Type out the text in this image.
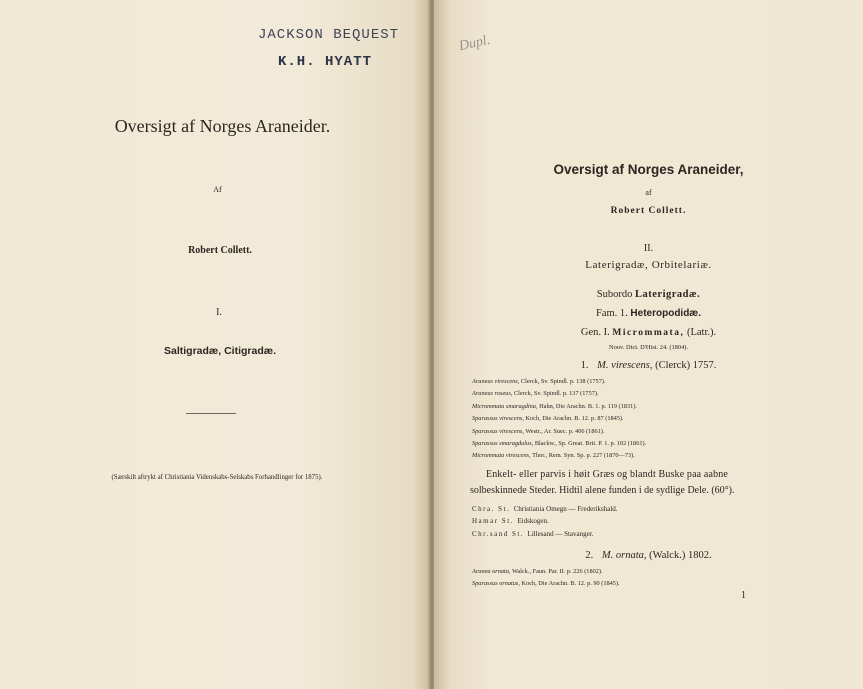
JACKSON BEQUEST
K.H. HYATT
Oversigt af Norges Araneider.
Af
Robert Collett.
I.
Saltigradæ, Citigradæ.
(Særskilt aftrykt af Christiania Videnskabs-Selskabs Forhandlinger for 1875).
Dupl.
Oversigt af Norges Araneider,
af
Robert Collett.
II.
Laterigradæ, Orbitelariæ.
Subordo Laterigradæ.
Fam. 1. Heteropodidæ.
Gen. I. Micrommata, (Latr.).
Nouv. Dict. D'Hist. 24. (1804).
1. M. virescens, (Clerck) 1757.
Araneus virescens, Clerck, Sv. Spindl. p. 138 (1757).
Araneus roseus, Clerck, Sv. Spindl. p. 137 (1757).
Micrommata smaragdina, Hahn, Die Arachn. B. 1. p. 119 (1831).
Sparassus virescens, Koch, Die Arachn. B. 12. p. 87 (1845).
Sparassus virescens, Westr., Ar. Suec. p. 406 (1861).
Sparassus smaragdulus, Blackw., Sp. Great. Brit. P. 1. p. 102 (1861).
Micrommata virescens, Thor., Rem. Syn. Sp. p. 227 (1870—73).
Enkelt- eller parvis i høit Græs og blandt Buske paa aabne
solbeskinnede Steder. Hidtil alene funden i de sydlige Dele. (60°).
Chra. St. Christiania Omegn — Frederikshald.
Hamar St. Eidskogen.
Chr.sand St. Lillesand — Stavanger.
2. M. ornata, (Walck.) 1802.
Aranea ornata, Walck., Faun. Par. II. p. 226 (1802).
Sparassus ornatus, Koch, Die Arachn. B. 12. p. 90 (1845).
1
